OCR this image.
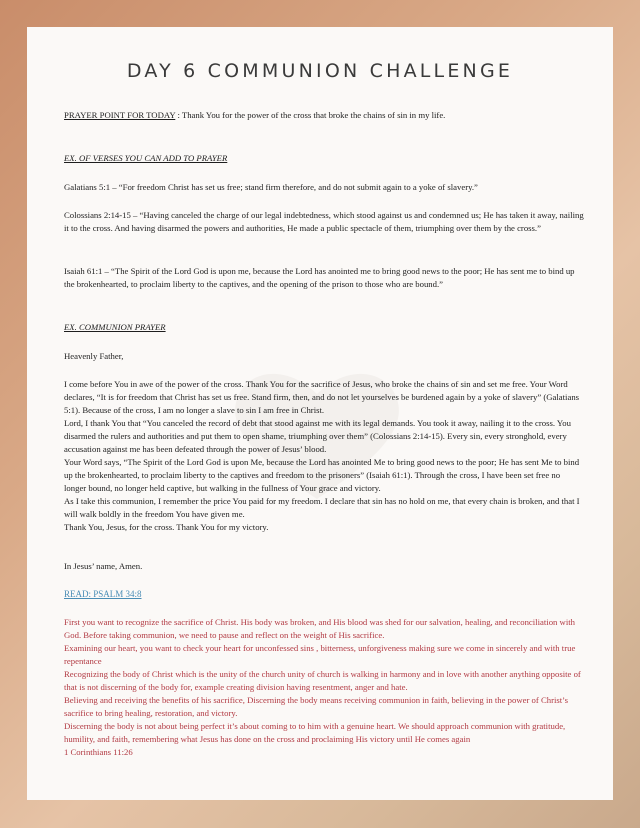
DAY 6 COMMUNION CHALLENGE

PRAYER POINT FOR TODAY : Thank You for the power of the cross that broke the chains of sin in my life.

EX. OF VERSES YOU CAN ADD TO PRAYER

Galatians 5:1 – “For freedom Christ has set us free; stand firm therefore, and do not submit again to a yoke of slavery.”

Colossians 2:14-15 – “Having canceled the charge of our legal indebtedness, which stood against us and condemned us; He has taken it away, nailing it to the cross. And having disarmed the powers and authorities, He made a public spectacle of them, triumphing over them by the cross.”

Isaiah 61:1 – “The Spirit of the Lord God is upon me, because the Lord has anointed me to bring good news to the poor; He has sent me to bind up the brokenhearted, to proclaim liberty to the captives, and the opening of the prison to those who are bound.”

EX. COMMUNION PRAYER

Heavenly Father,

I come before You in awe of the power of the cross. Thank You for the sacrifice of Jesus, who broke the chains of sin and set me free. Your Word declares, “It is for freedom that Christ has set us free. Stand firm, then, and do not let yourselves be burdened again by a yoke of slavery” (Galatians 5:1). Because of the cross, I am no longer a slave to sin I am free in Christ.
Lord, I thank You that “You canceled the record of debt that stood against me with its legal demands. You took it away, nailing it to the cross. You disarmed the rulers and authorities and put them to open shame, triumphing over them” (Colossians 2:14-15). Every sin, every stronghold, every accusation against me has been defeated through the power of Jesus’ blood.
Your Word says, “The Spirit of the Lord God is upon Me, because the Lord has anointed Me to bring good news to the poor; He has sent Me to bind up the brokenhearted, to proclaim liberty to the captives and freedom to the prisoners” (Isaiah 61:1). Through the cross, I have been set free no longer bound, no longer held captive, but walking in the fullness of Your grace and victory.
As I take this communion, I remember the price You paid for my freedom. I declare that sin has no hold on me, that every chain is broken, and that I will walk boldly in the freedom You have given me.
Thank You, Jesus, for the cross. Thank You for my victory.

In Jesus’ name, Amen.

READ: PSALM 34:8

First you want to recognize the sacrifice of Christ. His body was broken, and His blood was shed for our salvation, healing, and reconciliation with God. Before taking communion, we need to pause and reflect on the weight of His sacrifice.
Examining our heart, you want to check your heart for unconfessed sins , bitterness, unforgiveness making sure we come in sincerely and with true repentance
Recognizing the body of Christ which is the unity of the church unity of church is walking in harmony and in love with another anything opposite of that is not discerning of the body for, example creating division having resentment, anger and hate.
Believing and receiving the benefits of his sacrifice, Discerning the body means receiving communion in faith, believing in the power of Christ’s sacrifice to bring healing, restoration, and victory.
Discerning the body is not about being perfect it’s about coming to to him with a genuine heart. We should approach communion with gratitude, humility, and faith, remembering what Jesus has done on the cross and proclaiming His victory until He comes again
1 Corinthians 11:26
